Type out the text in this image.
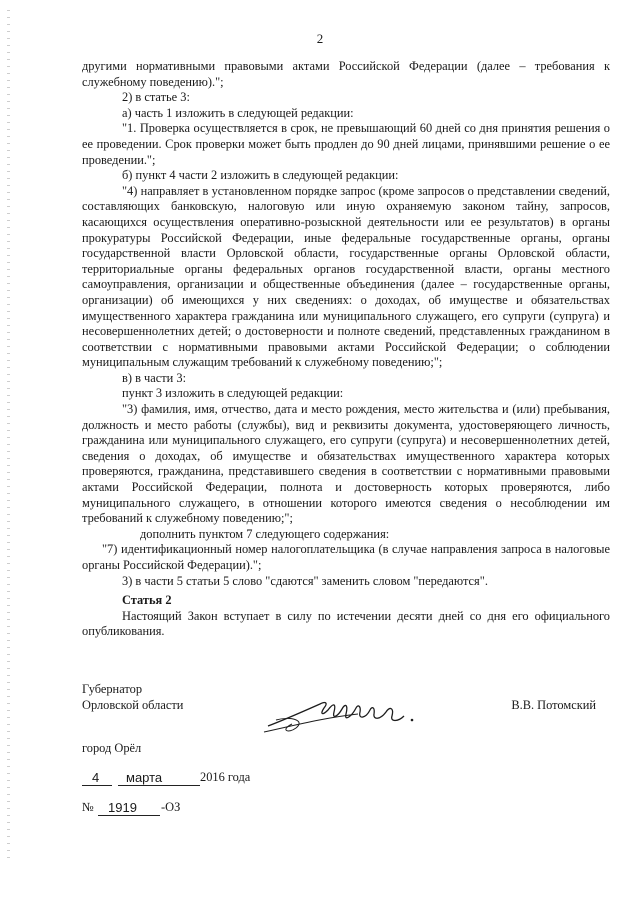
2

другими нормативными правовыми актами Российской Федерации (далее – требования к служебному поведению).";

2) в статье 3:

а) часть 1 изложить в следующей редакции:

"1. Проверка осуществляется в срок, не превышающий 60 дней со дня принятия решения о ее проведении. Срок проверки может быть продлен до 90 дней лицами, принявшими решение о ее проведении.";

б) пункт 4 части 2 изложить в следующей редакции:

"4) направляет в установленном порядке запрос (кроме запросов о представлении сведений, составляющих банковскую, налоговую или иную охраняемую законом тайну, запросов, касающихся осуществления оперативно-розыскной деятельности или ее результатов) в органы прокуратуры Российской Федерации, иные федеральные государственные органы, органы государственной власти Орловской области, государственные органы Орловской области, территориальные органы федеральных органов государственной власти, органы местного самоуправления, организации и общественные объединения (далее – государственные органы, организации) об имеющихся у них сведениях: о доходах, об имуществе и обязательствах имущественного характера гражданина или муниципального служащего, его супруги (супруга) и несовершеннолетних детей; о достоверности и полноте сведений, представленных гражданином в соответствии с нормативными правовыми актами Российской Федерации; о соблюдении муниципальным служащим требований к служебному поведению;";

в) в части 3:

пункт 3 изложить в следующей редакции:

"3) фамилия, имя, отчество, дата и место рождения, место жительства и (или) пребывания, должность и место работы (службы), вид и реквизиты документа, удостоверяющего личность, гражданина или муниципального служащего, его супруги (супруга) и несовершеннолетних детей, сведения о доходах, об имуществе и обязательствах имущественного характера которых проверяются, гражданина, представившего сведения в соответствии с нормативными правовыми актами Российской Федерации, полнота и достоверность которых проверяются, либо муниципального служащего, в отношении которого имеются сведения о несоблюдении им требований к служебному поведению;";

дополнить пунктом 7 следующего содержания:

"7) идентификационный номер налогоплательщика (в случае направления запроса в налоговые органы Российской Федерации).";

3) в части 5 статьи 5 слово "сдаются" заменить словом "передаются".

Статья 2

Настоящий Закон вступает в силу по истечении десяти дней со дня его официального опубликования.

Губернатор
Орловской области	В.В. Потомский
город Орёл
4 марта	2016 года
№ 1919 -ОЗ
